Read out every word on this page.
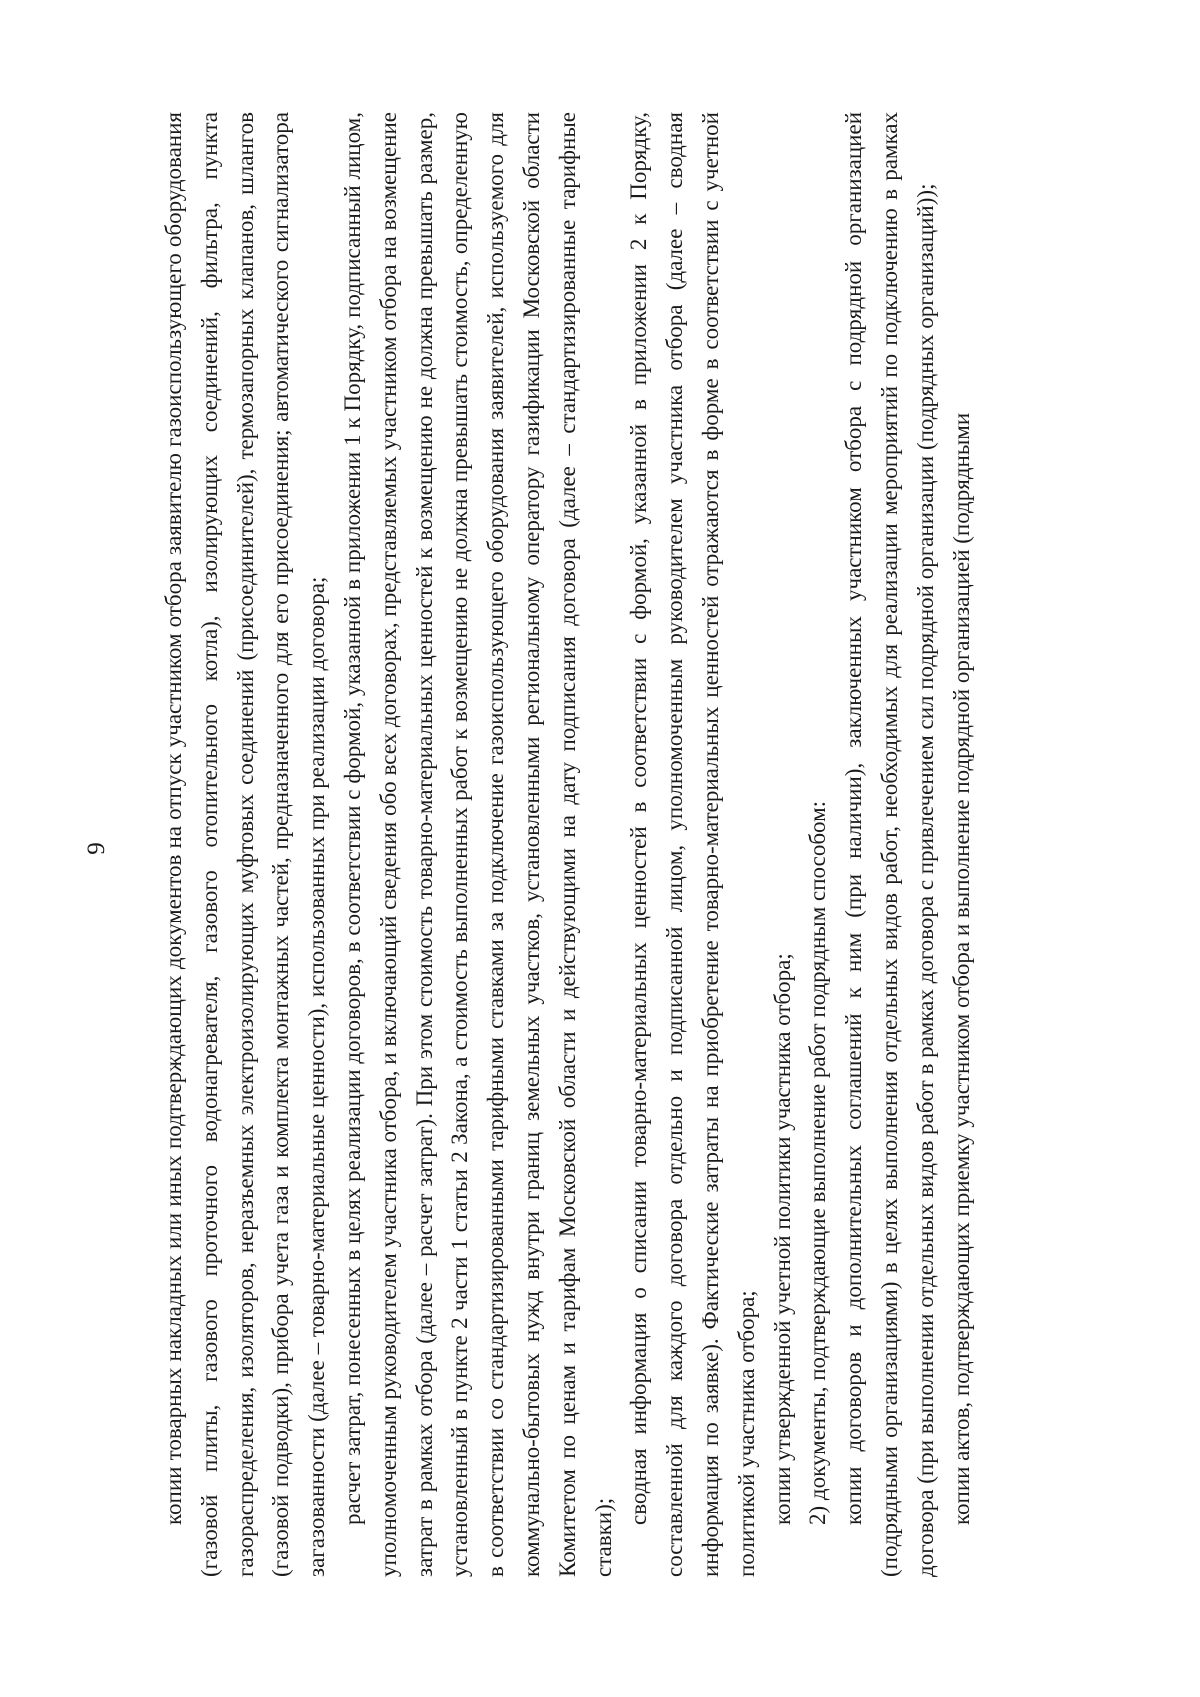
9 копии товарных накладных или иных подтверждающих документов на отпуск участником отбора заявителю газоиспользующего оборудования (газовой плиты, газового проточного водонагревателя, газового отопительного котла), изолирующих соединений, фильтра, пункта газораспределения, изоляторов, неразъемных электроизолирующих муфтовых соединений (присоединителей), термозапорных клапанов, шлангов (газовой подводки), прибора учета газа и комплекта монтажных частей, предназначенного для его присоединения; автоматического сигнализатора загазованности (далее – товарно-материальные ценности), использованных при реализации договора; расчет затрат, понесенных в целях реализации договоров, в соответствии с формой, указанной в приложении 1 к Порядку, подписанный лицом, уполномоченным руководителем участника отбора, и включающий сведения обо всех договорах, представляемых участником отбора на возмещение затрат в рамках отбора (далее – расчет затрат). При этом стоимость товарно-материальных ценностей к возмещению не должна превышать размер, установленный в пункте 2 части 1 статьи 2 Закона, а стоимость выполненных работ к возмещению не должна превышать стоимость, определенную в соответствии со стандартизированными тарифными ставками за подключение газоиспользующего оборудования заявителей, используемого для коммунально-бытовых нужд внутри границ земельных участков, установленными региональному оператору газификации Московской области Комитетом по ценам и тарифам Московской области и действующими на дату подписания договора (далее – стандартизированные тарифные ставки);

сводная информация о списании товарно-материальных ценностей в соответствии с формой, указанной в приложении 2 к Порядку, составленной для каждого договора отдельно и подписанной лицом, уполномоченным руководителем участника отбора (далее – сводная информация по заявке). Фактические затраты на приобретение товарно-материальных ценностей отражаются в форме в соответствии с учетной политикой участника отбора; копии утвержденной учетной политики участника отбора; 2) документы, подтверждающие выполнение работ подрядным способом: копии договоров и дополнительных соглашений к ним (при наличии), заключенных участником отбора с подрядной организацией (подрядными организациями) в целях выполнения отдельных видов работ, необходимых для реализации мероприятий по подключению в рамках договора (при выполнении отдельных видов работ в рамках договора с привлечением сил подрядной организации (подрядных организаций)); копии актов, подтверждающих приемку участником отбора и выполнение подрядной организацией (подрядными
